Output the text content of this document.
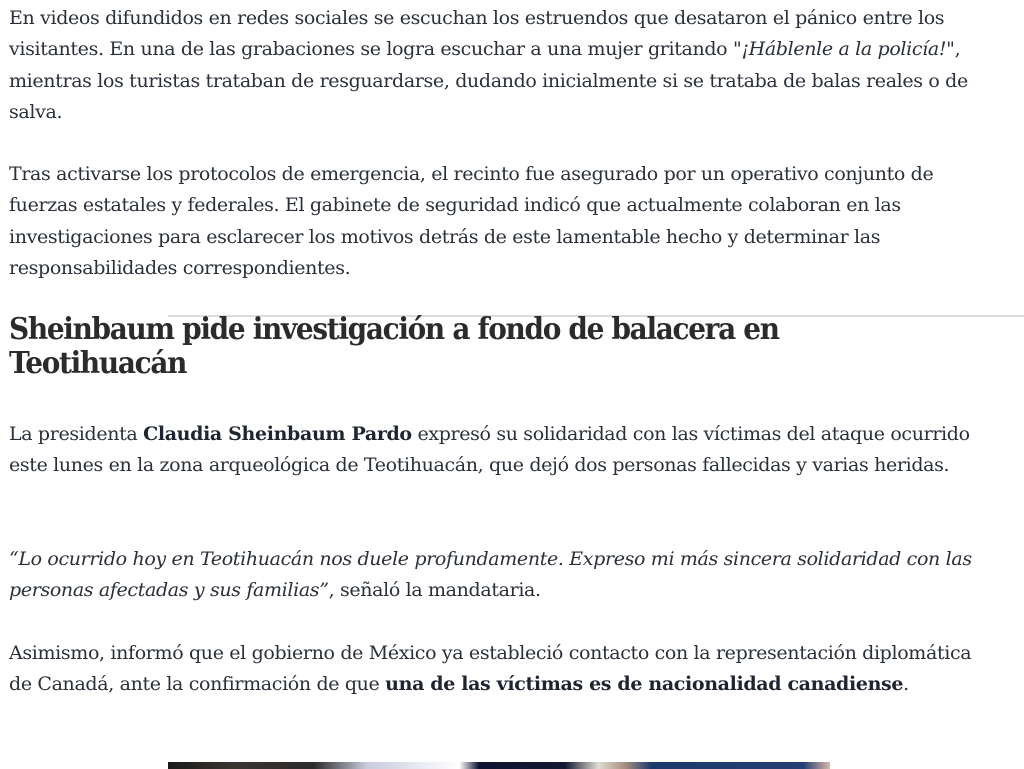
En videos difundidos en redes sociales se escuchan los estruendos que desataron el pánico entre los visitantes. En una de las grabaciones se logra escuchar a una mujer gritando "¡Háblenle a la policía!", mientras los turistas trataban de resguardarse, dudando inicialmente si se trataba de balas reales o de salva.

Tras activarse los protocolos de emergencia, el recinto fue asegurado por un operativo conjunto de fuerzas estatales y federales. El gabinete de seguridad indicó que actualmente colaboran en las investigaciones para esclarecer los motivos detrás de este lamentable hecho y determinar las responsabilidades correspondientes.

Sheinbaum pide investigación a fondo de balacera en Teotihuacán

La presidenta Claudia Sheinbaum Pardo expresó su solidaridad con las víctimas del ataque ocurrido este lunes en la zona arqueológica de Teotihuacán, que dejó dos personas fallecidas y varias heridas.

“Lo ocurrido hoy en Teotihuacán nos duele profundamente. Expreso mi más sincera solidaridad con las personas afectadas y sus familias”, señaló la mandataria.

Asimismo, informó que el gobierno de México ya estableció contacto con la representación diplomática de Canadá, ante la confirmación de que una de las víctimas es de nacionalidad canadiense.
